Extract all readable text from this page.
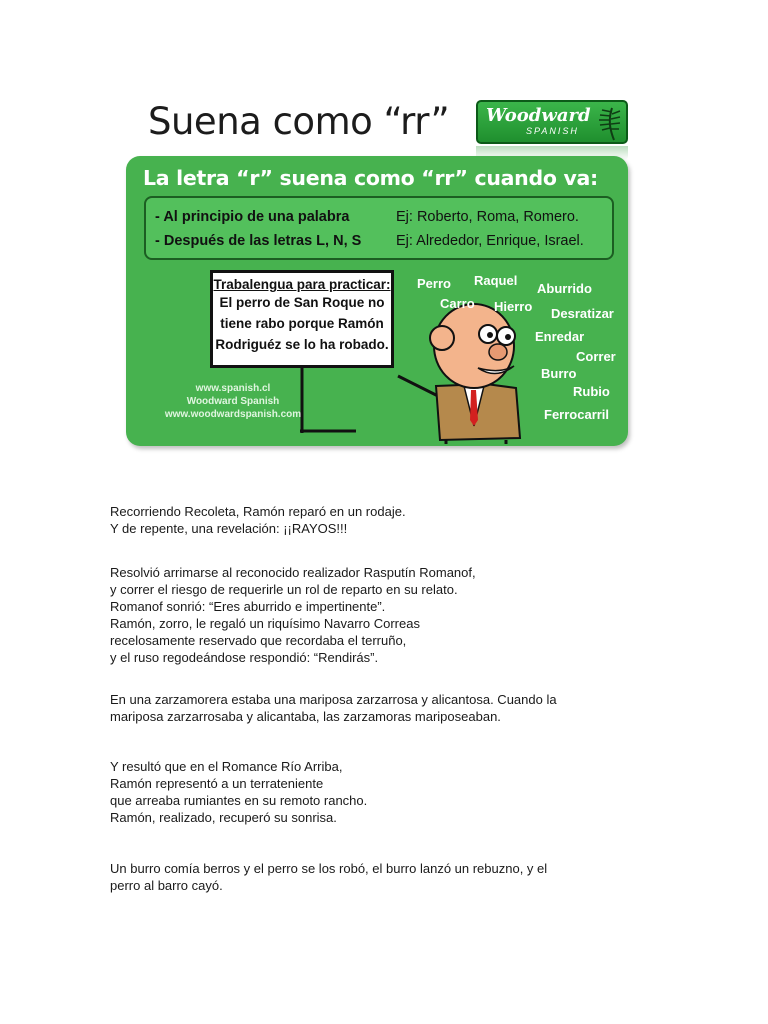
Suena como “rr” Woodward
SPANISH
La letra “r” suena como “rr” cuando va:
- Al principio de una palabra	Ej: Roberto, Roma, Romero.
- Después de las letras L, N, S Ej: Alrededor, Enrique, Israel.
Trabalengua para practicar:
El perro de San Roque no
tiene rabo porque Ramón
Rodriguéz se lo ha robado.
www.spanish.cl
Woodward Spanish
www.woodwardspanish.com
Perro Raquel
Aburrido
Carro Hierro Desratizar
Enredar
Correr
Burro
Rubio
Ferrocarril

Recorriendo Recoleta, Ramón reparó en un rodaje.

Y de repente, una revelación: ¡¡RAYOS!!!

Resolvió arrimarse al reconocido realizador Rasputín Romanof,

y correr el riesgo de requerirle un rol de reparto en su relato.

Romanof sonrió: “Eres aburrido e impertinente”.

Ramón, zorro, le regaló un riquísimo Navarro Correas

recelosamente reservado que recordaba el terruño,

y el ruso regodeándose respondió: “Rendirás”.

En una zarzamorera estaba una mariposa zarzarrosa y alicantosa. Cuando la

mariposa zarzarrosaba y alicantaba, las zarzamoras mariposeaban.

Y resultó que en el Romance Río Arriba,

Ramón representó a un terrateniente

que arreaba rumiantes en su remoto rancho.

Ramón, realizado, recuperó su sonrisa.

Un burro comía berros y el perro se los robó, el burro lanzó un rebuzno, y el

perro al barro cayó.
